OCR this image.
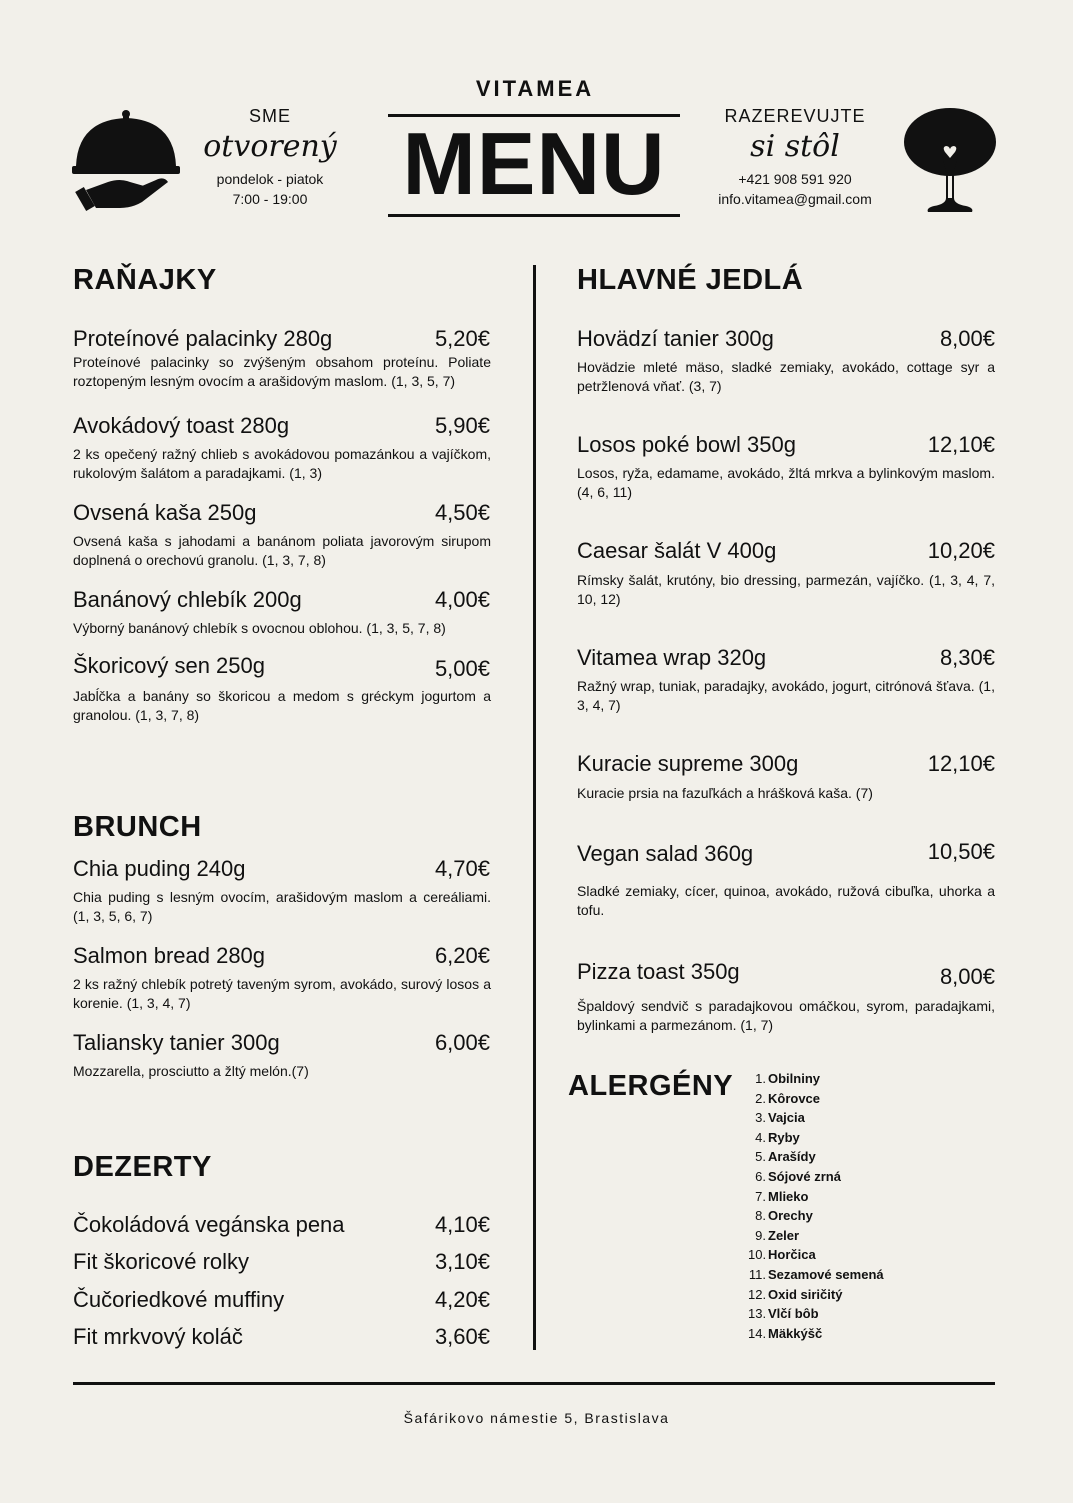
SME
otvorený
pondelok - piatok
7:00 - 19:00
VITAMEA
MENU	RAZEREVUJTE
si stôl
+421 908 591 920
info.vitamea@gmail.com
RAŇAJKY
Proteínové palacinky 280g	5,20€
Proteínové palacinky so zvýšeným obsahom proteínu. Poliate roztopeným lesným ovocím a arašidovým maslom. (1, 3, 5, 7)
Avokádový toast 280g	5,90€
2 ks opečený ražný chlieb s avokádovou pomazánkou a vajíčkom, rukolovým šalátom a paradajkami. (1, 3)
Ovsená kaša 250g	4,50€
Ovsená kaša s jahodami a banánom poliata javorovým sirupom doplnená o orechovú granolu. (1, 3, 7, 8)
Banánový chlebík 200g	4,00€
Výborný banánový chlebík s ovocnou oblohou. (1, 3, 5, 7, 8)
Škoricový sen 250g	5,00€
Jabĺčka a banány so škoricou a medom s gréckym jogurtom a granolou. (1, 3, 7, 8)
BRUNCH
Chia puding 240g	4,70€
Chia puding s lesným ovocím, arašidovým maslom a cereáliami. (1, 3, 5, 6, 7)
Salmon bread 280g	6,20€
2 ks ražný chlebík potretý taveným syrom, avokádo, surový losos a korenie. (1, 3, 4, 7)
Taliansky tanier 300g	6,00€
Mozzarella, prosciutto a žltý melón.(7)
DEZERTY
Čokoládová vegánska pena	4,10€
Fit škoricové rolky	3,10€
Čučoriedkové muffiny	4,20€
Fit mrkvový koláč	3,60€
HLAVNÉ JEDLÁ
Hovädzí tanier 300g	8,00€
Hovädzie mleté mäso, sladké zemiaky, avokádo, cottage syr a petržlenová vňať. (3, 7)
Losos poké bowl 350g	12,10€
Losos, ryža, edamame, avokádo, žltá mrkva a bylinkovým maslom. (4, 6, 11)
Caesar šalát V 400g	10,20€
Rímsky šalát, krutóny, bio dressing, parmezán, vajíčko. (1, 3, 4, 7, 10, 12)
Vitamea wrap 320g	8,30€
Ražný wrap, tuniak, paradajky, avokádo, jogurt, citrónová šťava. (1, 3, 4, 7)
Kuracie supreme 300g	12,10€
Kuracie prsia na fazuľkách a hrášková kaša. (7)
Vegan salad 360g	10,50€
Sladké zemiaky, cícer, quinoa, avokádo, ružová cibuľka, uhorka a tofu.
Pizza toast 350g	8,00€
Špaldový sendvič s paradajkovou omáčkou, syrom, paradajkami, bylinkami a parmezánom. (1, 7)
ALERGÉNY	1. Obilniny
2. Kôrovce
3. Vajcia
4. Ryby
5. Arašídy
6. Sójové zrná
7. Mlieko
8. Orechy
9. Zeler
10. Horčica
11. Sezamové semená
12. Oxid siričitý
13. Vlčí bôb
14. Mäkkýšč
Šafárikovo námestie 5, Brastislava
